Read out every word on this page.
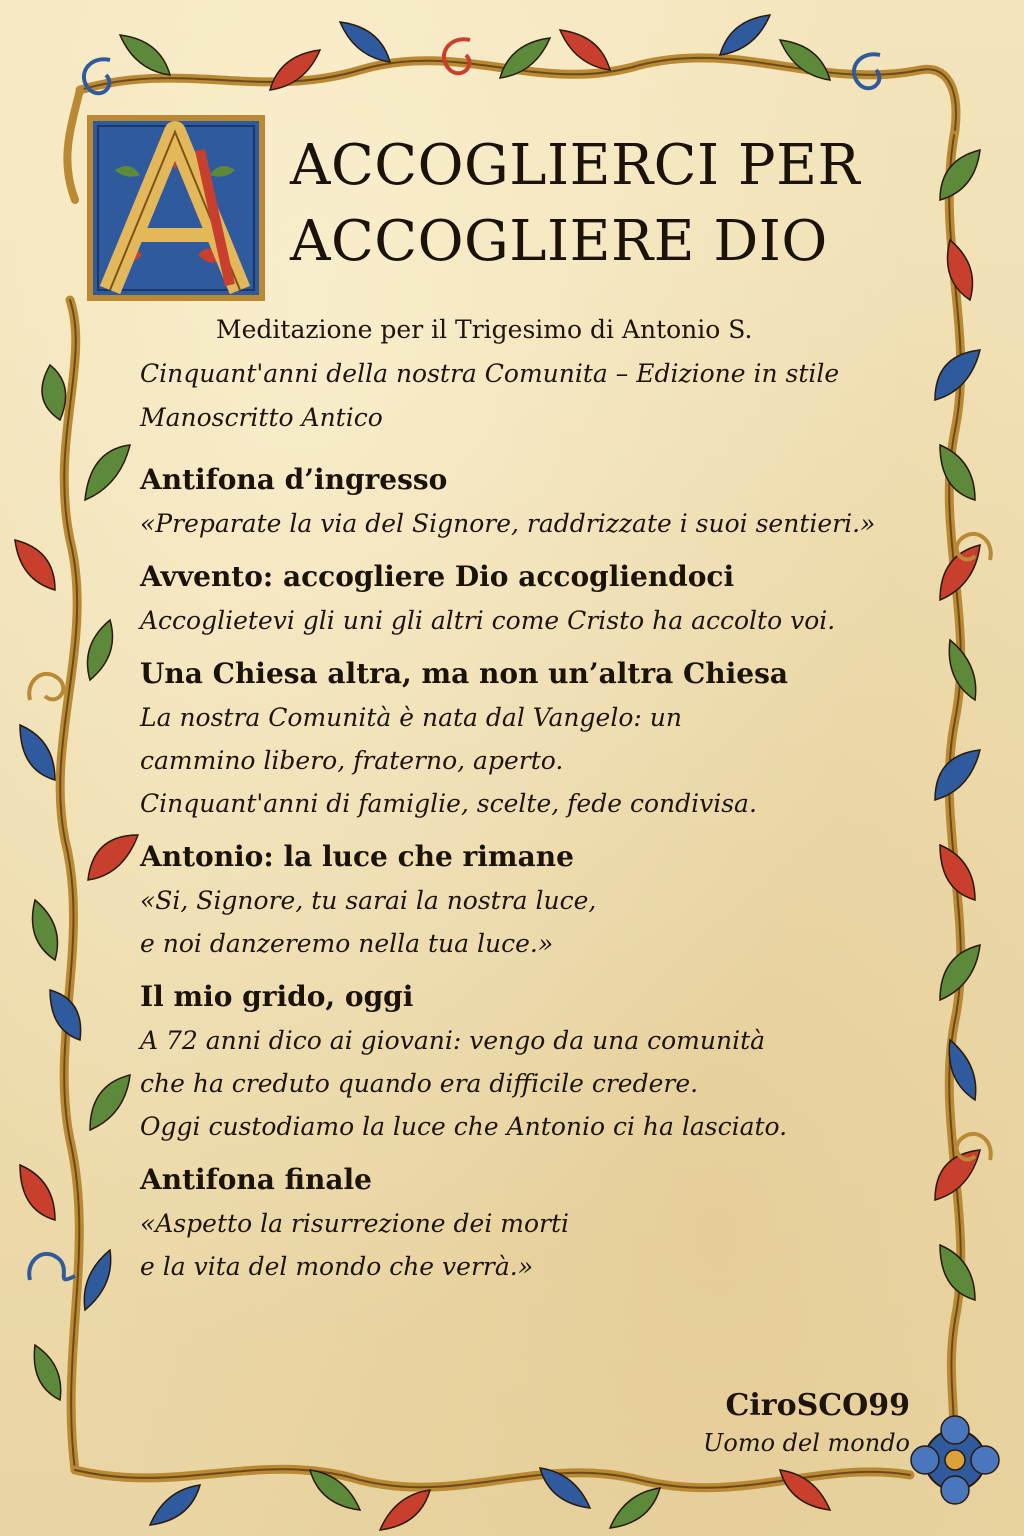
ACCOGLIERCI PER
ACCOGLIERE DIO
Meditazione per il Trigesimo di Antonio S.
Cinquant'anni della nostra Comunita – Edizione in stile Manoscritto Antico
Antifona d’ingresso
«Preparate la via del Signore, raddrizzate i suoi sentieri.»
Avvento: accogliere Dio accogliendoci
Accoglietevi gli uni gli altri come Cristo ha accolto voi.
Una Chiesa altra, ma non un’altra Chiesa
La nostra Comunità è nata dal Vangelo: un
cammino libero, fraterno, aperto.
Cinquant'anni di famiglie, scelte, fede condivisa.
Antonio: la luce che rimane
«Si, Signore, tu sarai la nostra luce,
e noi danzeremo nella tua luce.»
Il mio grido, oggi
A 72 anni dico ai giovani: vengo da una comunità
che ha creduto quando era difficile credere.
Oggi custodiamo la luce che Antonio ci ha lasciato.
Antifona finale
«Aspetto la risurrezione dei morti
e la vita del mondo che verrà.»
CiroSCO99
Uomo del mondo
